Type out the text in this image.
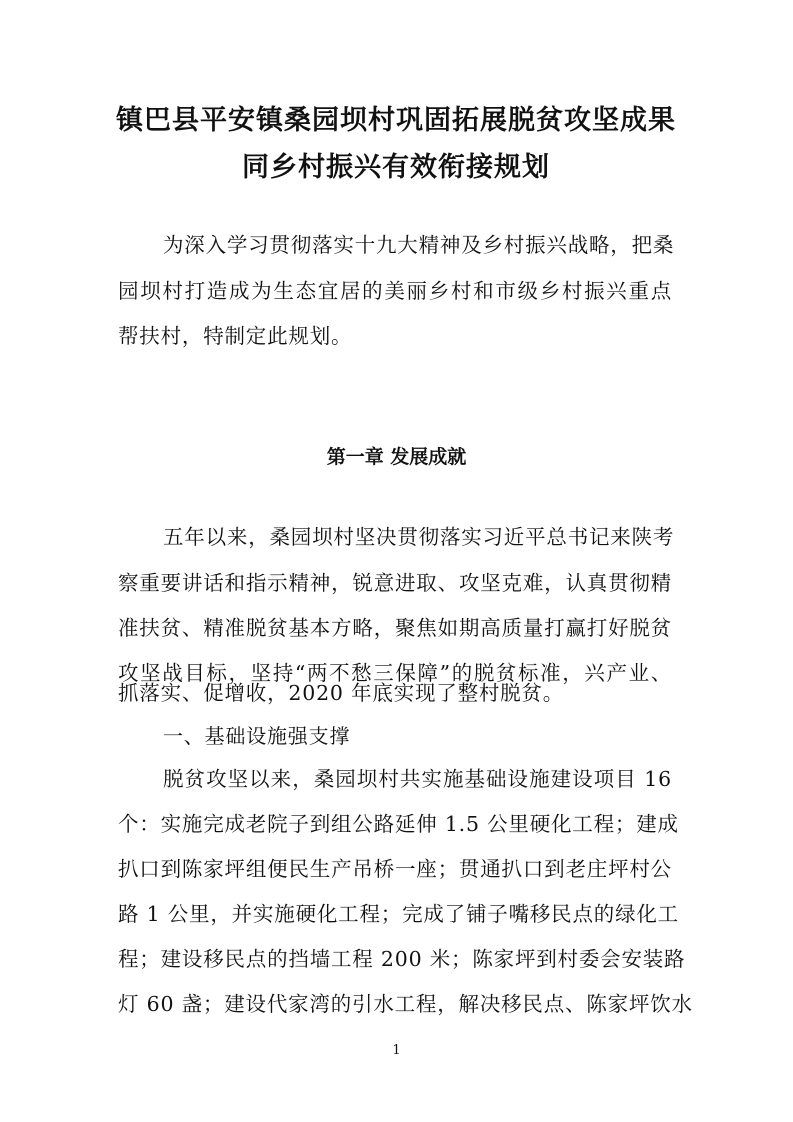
镇巴县平安镇桑园坝村巩固拓展脱贫攻坚成果
同乡村振兴有效衔接规划
为深入学习贯彻落实十九大精神及乡村振兴战略，把桑
园坝村打造成为生态宜居的美丽乡村和市级乡村振兴重点
帮扶村，特制定此规划。
第一章 发展成就
五年以来，桑园坝村坚决贯彻落实习近平总书记来陕考
察重要讲话和指示精神，锐意进取、攻坚克难，认真贯彻精
准扶贫、精准脱贫基本方略，聚焦如期高质量打赢打好脱贫
攻坚战目标，坚持“两不愁三保障”的脱贫标准，兴产业、
抓落实、促增收，2020 年底实现了整村脱贫。
一、基础设施强支撑
脱贫攻坚以来，桑园坝村共实施基础设施建设项目 16
个：实施完成老院子到组公路延伸 1.5 公里硬化工程；建成
扒口到陈家坪组便民生产吊桥一座；贯通扒口到老庄坪村公
路 1 公里，并实施硬化工程；完成了铺子嘴移民点的绿化工
程；建设移民点的挡墙工程 200 米；陈家坪到村委会安装路
灯 60 盏；建设代家湾的引水工程，解决移民点、陈家坪饮水
1
